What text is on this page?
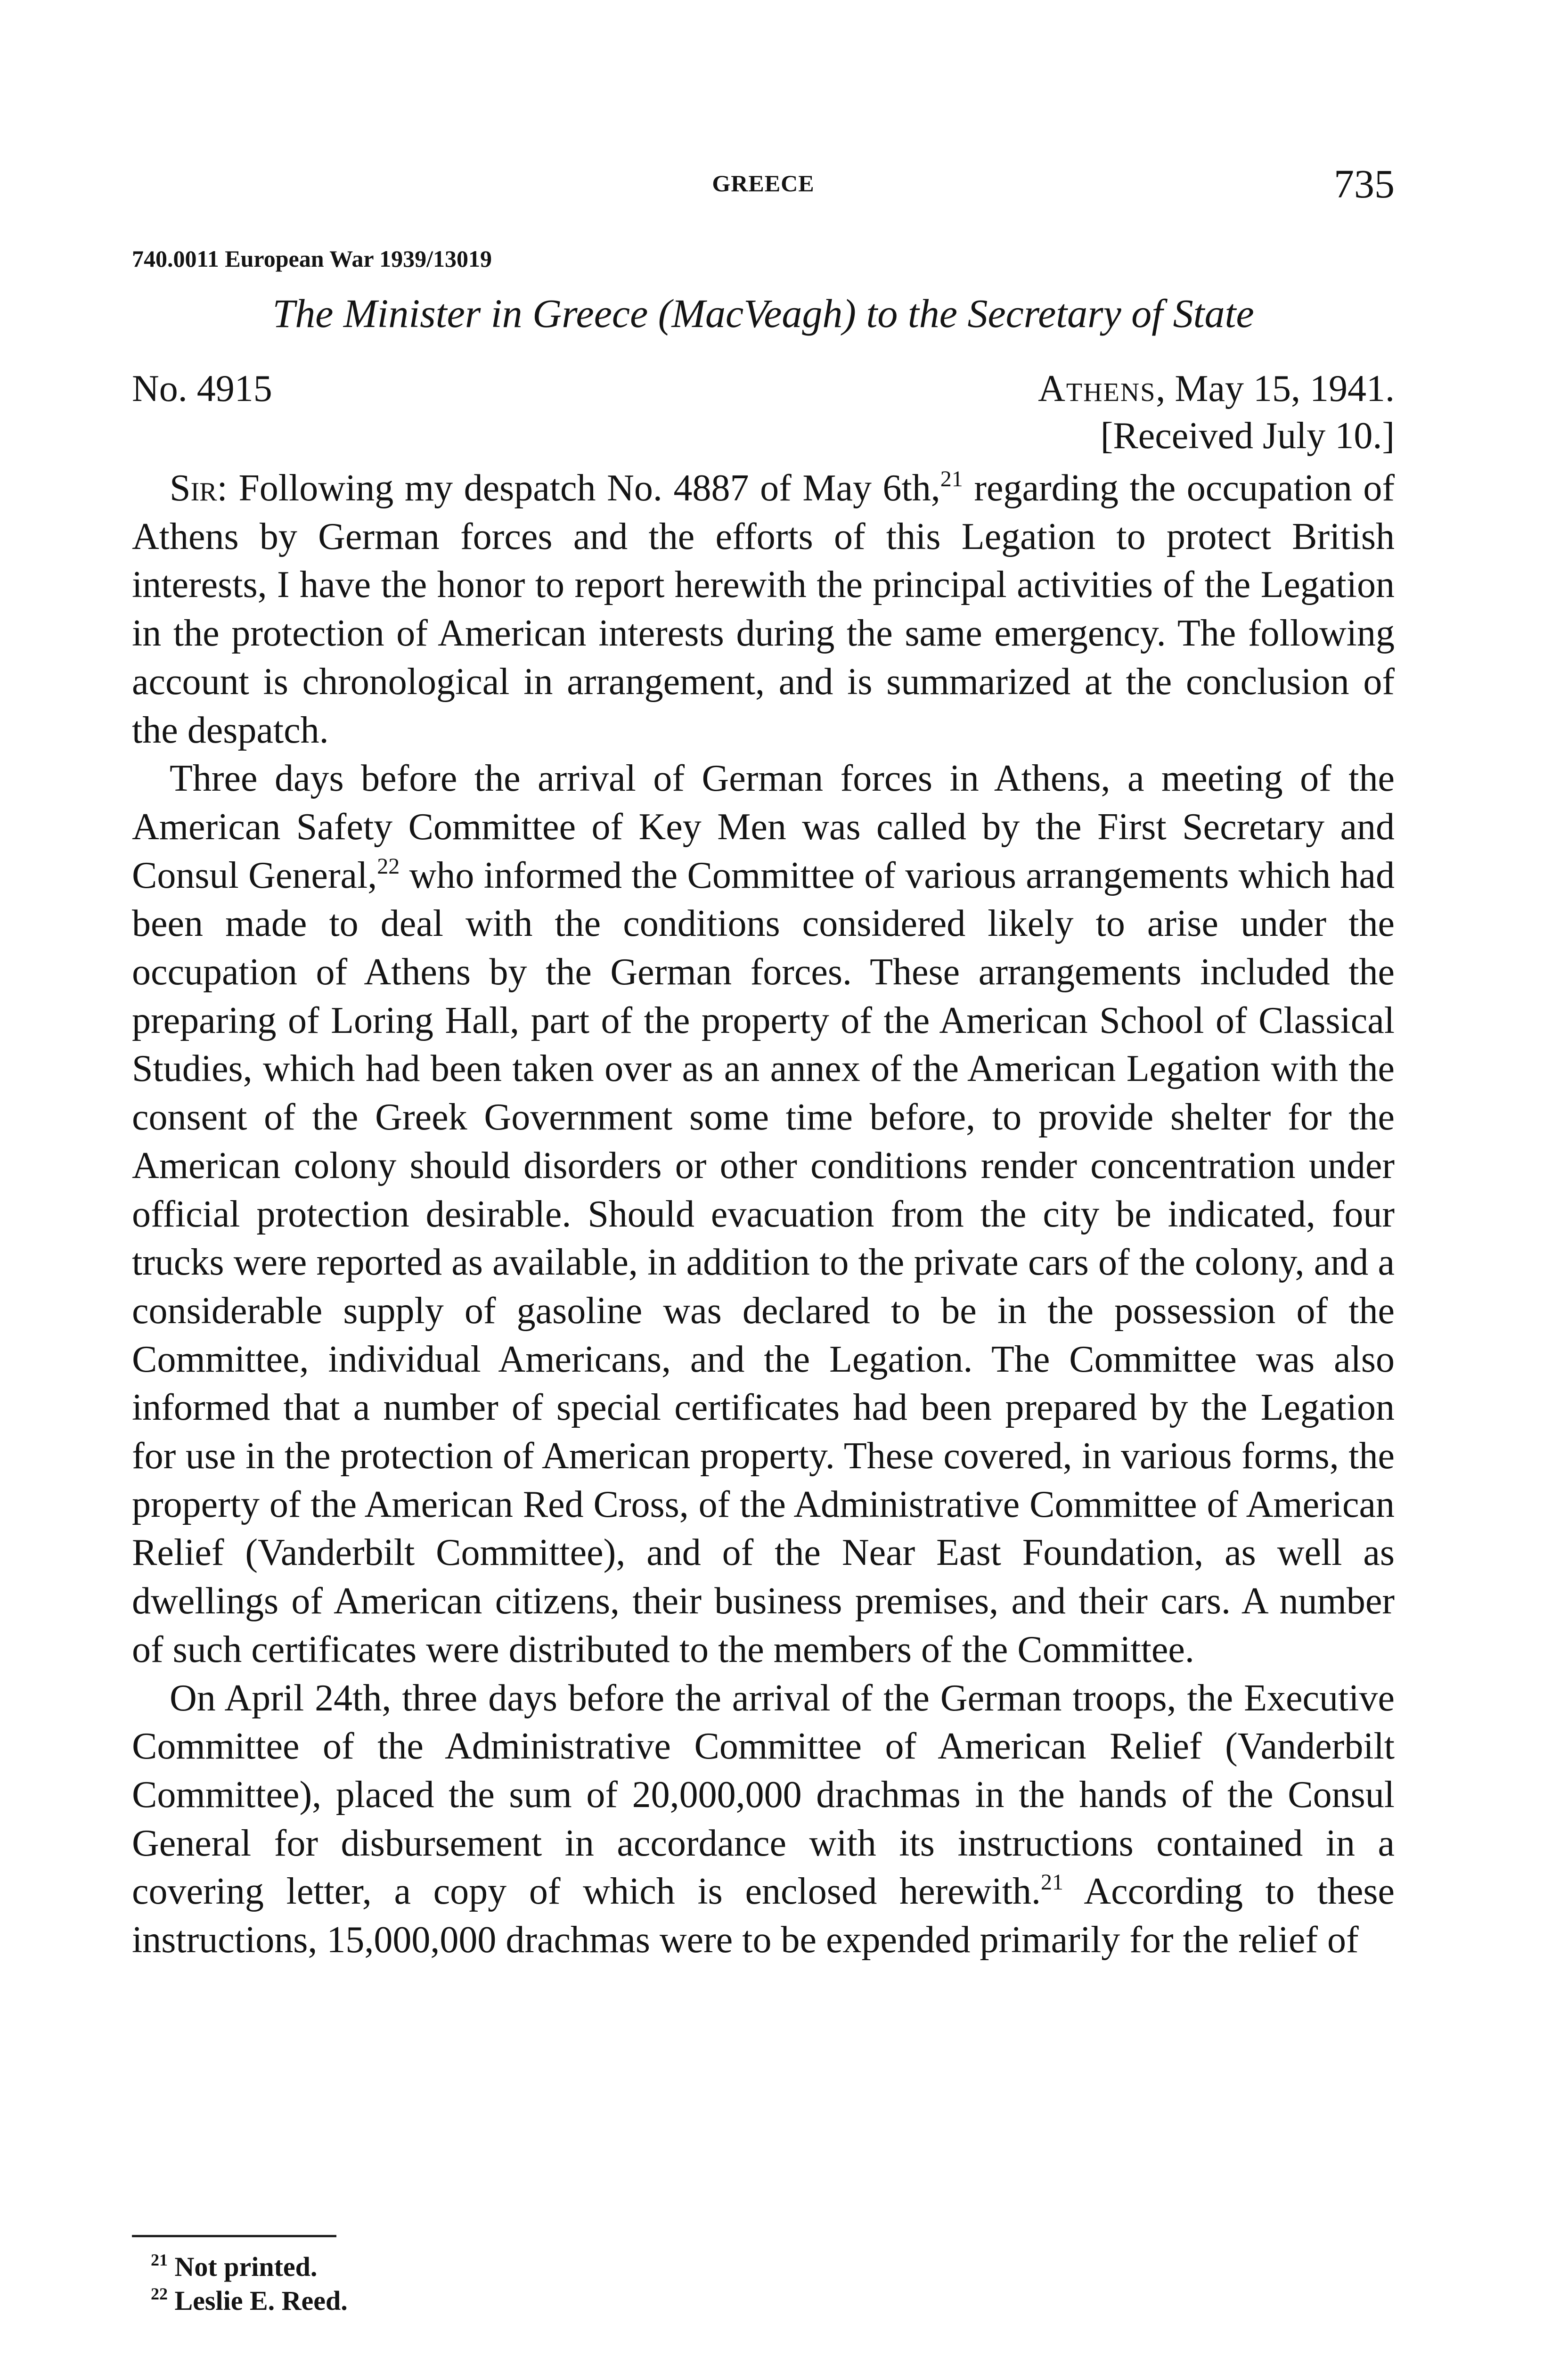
GREECE	735
740.0011 European War 1939/13019
The Minister in Greece (MacVeagh) to the Secretary of State
No. 4915	Athens, May 15, 1941.
[Received July 10.]

Sir: Following my despatch No. 4887 of May 6th,$^{21}$ regarding the occupation of Athens by German forces and the efforts of this Legation to protect British interests, I have the honor to report herewith the principal activities of the Legation in the protection of American interests during the same emergency. The following account is chronological in arrangement, and is summarized at the conclusion of the despatch.

Three days before the arrival of German forces in Athens, a meeting of the American Safety Committee of Key Men was called by the First Secretary and Consul General,$^{22}$ who informed the Committee of various arrangements which had been made to deal with the conditions considered likely to arise under the occupation of Athens by the German forces. These arrangements included the preparing of Loring Hall, part of the property of the American School of Classical Studies, which had been taken over as an annex of the American Legation with the consent of the Greek Government some time before, to provide shelter for the American colony should disorders or other conditions render concentration under official protection desirable. Should evacuation from the city be indicated, four trucks were reported as available, in addition to the private cars of the colony, and a considerable supply of gasoline was declared to be in the possession of the Committee, individual Americans, and the Legation. The Committee was also informed that a number of special certificates had been prepared by the Legation for use in the protection of American property. These covered, in various forms, the property of the American Red Cross, of the Administrative Committee of American Relief (Vanderbilt Committee), and of the Near East Foundation, as well as dwellings of American citizens, their business premises, and their cars. A number of such certificates were distributed to the members of the Committee.

On April 24th, three days before the arrival of the German troops, the Executive Committee of the Administrative Committee of American Relief (Vanderbilt Committee), placed the sum of 20,000,000 drachmas in the hands of the Consul General for disbursement in accordance with its instructions contained in a covering letter, a copy of which is enclosed herewith.$^{21}$ According to these instructions, 15,000,000 drachmas were to be expended primarily for the relief of

$^{21}$ Not printed.
$^{22}$ Leslie E. Reed.
